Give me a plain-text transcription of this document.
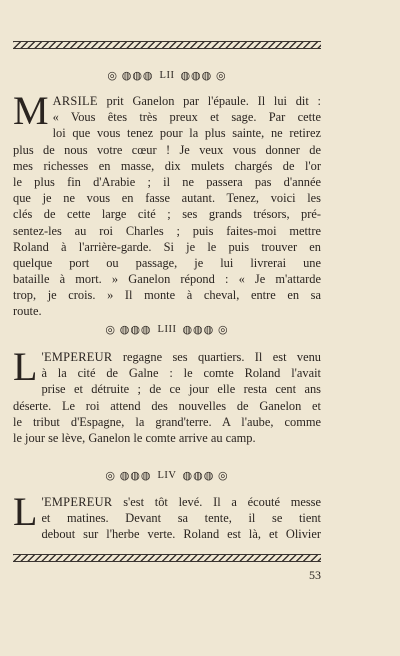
◎ ◍◍◍ LII ◍◍◍ ◎
M ARSILE prit Ganelon par l'épaule. Il lui dit :
« Vous êtes très preux et sage. Par cette
loi que vous tenez pour la plus sainte, ne retirez
plus de nous votre cœur ! Je veux vous donner de
mes richesses en masse, dix mulets chargés de l'or
le plus fin d'Arabie ; il ne passera pas d'année
que je ne vous en fasse autant. Tenez, voici les
clés de cette large cité ; ses grands trésors, pré-
sentez-les au roi Charles ; puis faites-moi mettre
Roland à l'arrière-garde. Si je le puis trouver en
quelque port ou passage, je lui livrerai une
bataille à mort. » Ganelon répond : « Je m'attarde
trop, je crois. » Il monte à cheval, entre en sa
route.
◎ ◍◍◍ LIII ◍◍◍ ◎
L 'EMPEREUR regagne ses quartiers. Il est venu
à la cité de Galne : le comte Roland l'avait
prise et détruite ; de ce jour elle resta cent ans
déserte. Le roi attend des nouvelles de Ganelon et
le tribut d'Espagne, la grand'terre. A l'aube, comme
le jour se lève, Ganelon le comte arrive au camp.
◎ ◍◍◍ LIV ◍◍◍ ◎
L 'EMPEREUR s'est tôt levé. Il a écouté messe
et matines. Devant sa tente, il se tient
debout sur l'herbe verte. Roland est là, et Olivier
53
